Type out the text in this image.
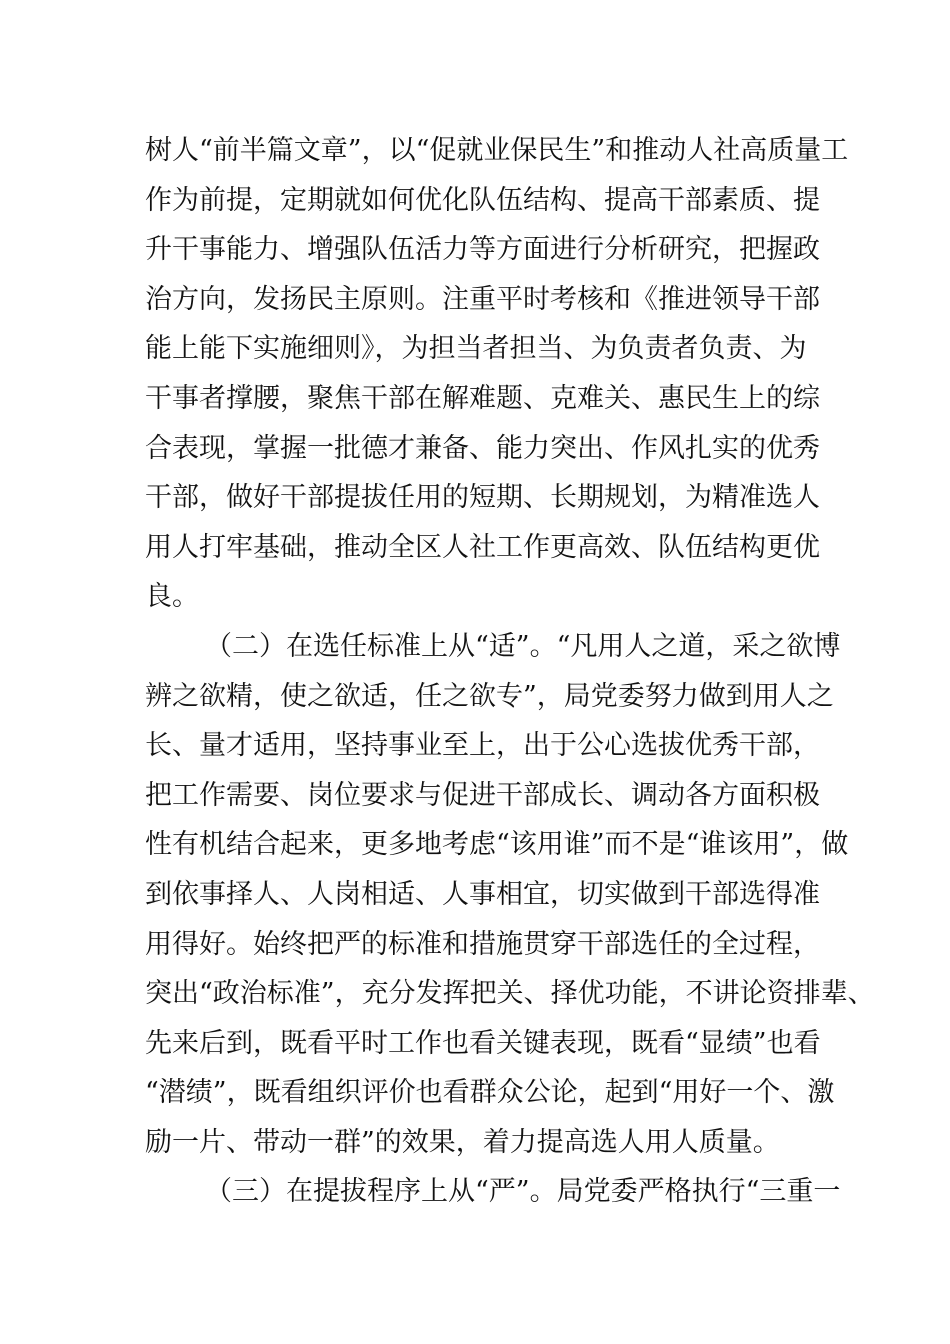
树人“前半篇文章”，以“促就业保民生”和推动人社高质量工
作为前提，定期就如何优化队伍结构、提高干部素质、提
升干事能力、增强队伍活力等方面进行分析研究，把握政
治方向，发扬民主原则。注重平时考核和《推进领导干部
能上能下实施细则》，为担当者担当、为负责者负责、为
干事者撑腰，聚焦干部在解难题、克难关、惠民生上的综
合表现，掌握一批德才兼备、能力突出、作风扎实的优秀
干部，做好干部提拔任用的短期、长期规划，为精准选人
用人打牢基础，推动全区人社工作更高效、队伍结构更优
良。
（二）在选任标准上从“适”。“凡用人之道，采之欲博
辨之欲精，使之欲适，任之欲专”，局党委努力做到用人之
长、量才适用，坚持事业至上，出于公心选拔优秀干部，
把工作需要、岗位要求与促进干部成长、调动各方面积极
性有机结合起来，更多地考虑“该用谁”而不是“谁该用”，做
到依事择人、人岗相适、人事相宜，切实做到干部选得准
用得好。始终把严的标准和措施贯穿干部选任的全过程，
突出“政治标准”，充分发挥把关、择优功能，不讲论资排辈、
先来后到，既看平时工作也看关键表现，既看“显绩”也看
“潜绩”，既看组织评价也看群众公论，起到“用好一个、激
励一片、带动一群”的效果，着力提高选人用人质量。
（三）在提拔程序上从“严”。局党委严格执行“三重一
